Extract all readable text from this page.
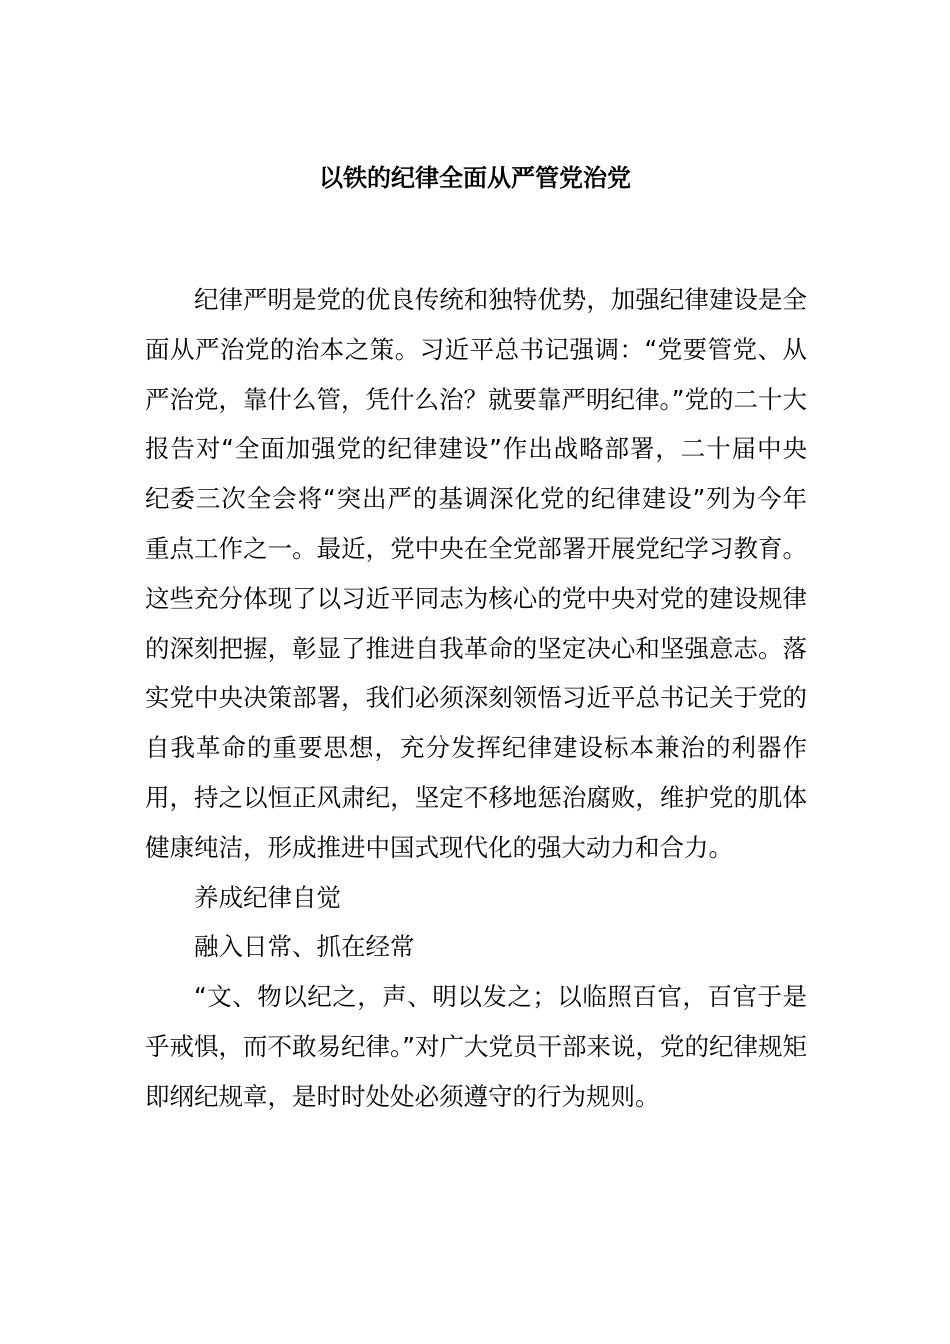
以铁的纪律全面从严管党治党

纪律严明是党的优良传统和独特优势，加强纪律建设是全面从严治党的治本之策。习近平总书记强调：“党要管党、从严治党，靠什么管，凭什么治？就要靠严明纪律。”党的二十大报告对“全面加强党的纪律建设”作出战略部署，二十届中央纪委三次全会将“突出严的基调深化党的纪律建设”列为今年重点工作之一。最近，党中央在全党部署开展党纪学习教育。这些充分体现了以习近平同志为核心的党中央对党的建设规律的深刻把握，彰显了推进自我革命的坚定决心和坚强意志。落实党中央决策部署，我们必须深刻领悟习近平总书记关于党的自我革命的重要思想，充分发挥纪律建设标本兼治的利器作用，持之以恒正风肃纪，坚定不移地惩治腐败，维护党的肌体健康纯洁，形成推进中国式现代化的强大动力和合力。

养成纪律自觉

融入日常、抓在经常

“文、物以纪之，声、明以发之；以临照百官，百官于是乎戒惧，而不敢易纪律。”对广大党员干部来说，党的纪律规矩即纲纪规章，是时时处处必须遵守的行为规则。
